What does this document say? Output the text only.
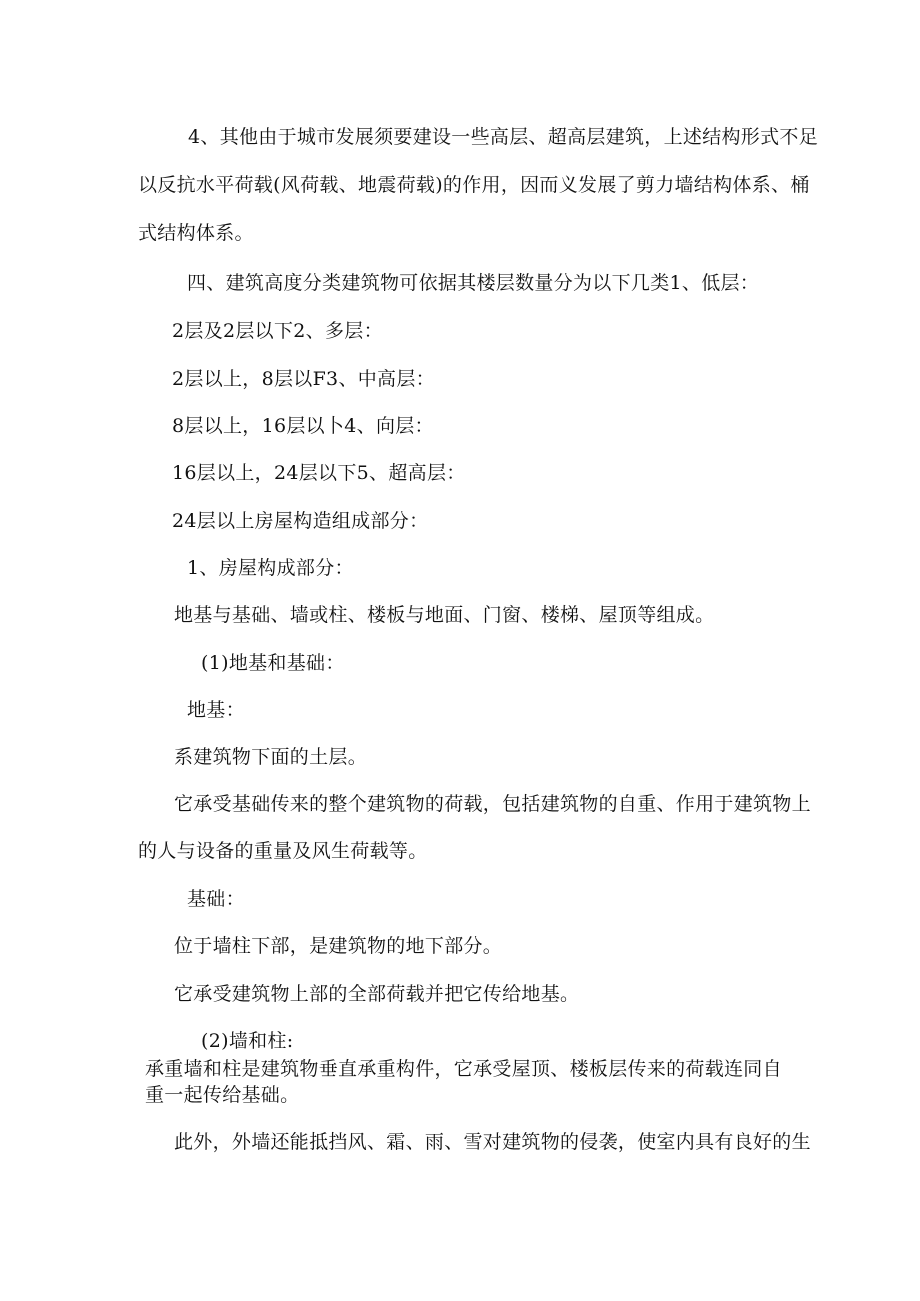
4、其他由于城市发展须要建设一些高层、超高层建筑，上述结构形式不足
以反抗水平荷载(风荷载、地震荷载)的作用，因而义发展了剪力墙结构体系、桶
式结构体系。
四、建筑高度分类建筑物可依据其楼层数量分为以下几类1、低层：
2层及2层以下2、多层：
2层以上，8层以F3、中高层：
8层以上，16层以卜4、向层：
16层以上，24层以下5、超高层：
24层以上房屋构造组成部分：
1、房屋构成部分：
地基与基础、墙或柱、楼板与地面、门窗、楼梯、屋顶等组成。
(1)地基和基础：
地基：
系建筑物下面的土层。
它承受基础传来的整个建筑物的荷载，包括建筑物的自重、作用于建筑物上
的人与设备的重量及风生荷载等。
基础：
位于墙柱下部，是建筑物的地下部分。
它承受建筑物上部的全部荷载并把它传给地基。
(2)墙和柱:
承重墙和柱是建筑物垂直承重构件，它承受屋顶、楼板层传来的荷载连同自
重一起传给基础。
此外，外墙还能抵挡风、霜、雨、雪对建筑物的侵袭，使室内具有良好的生
